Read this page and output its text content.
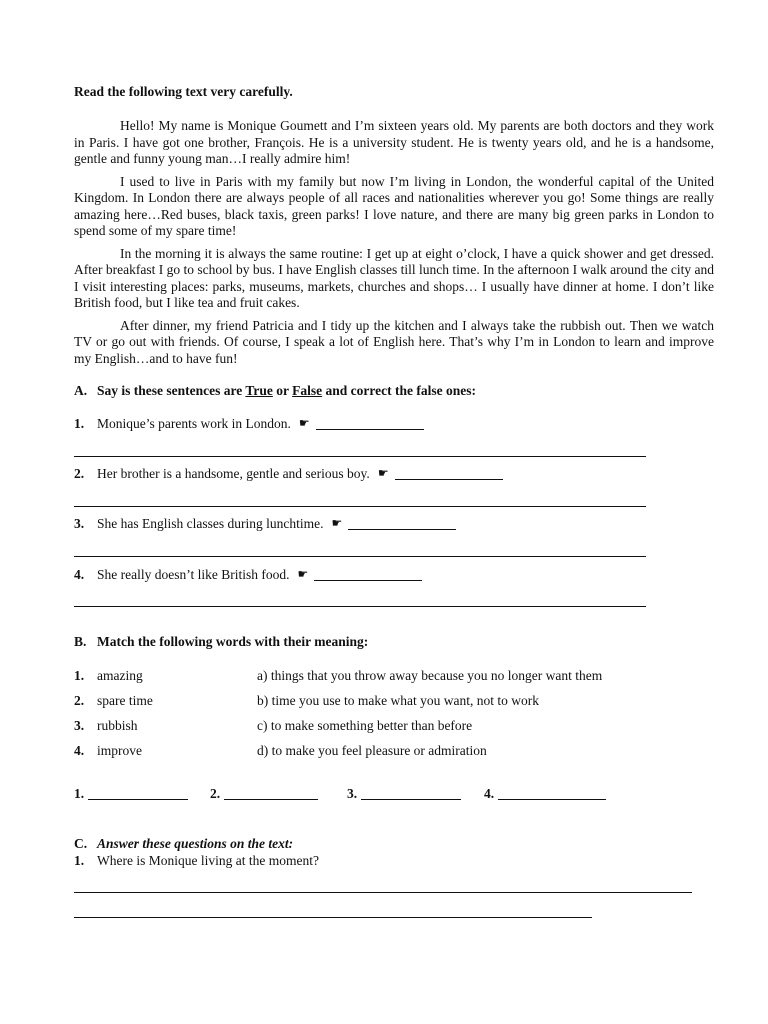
Read the following text very carefully.

Hello! My name is Monique Goumett and I’m sixteen years old. My parents are both doctors and they work in Paris. I have got one brother, François. He is a university student. He is twenty years old, and he is a handsome, gentle and funny young man…I really admire him!

I used to live in Paris with my family but now I’m living in London, the wonderful capital of the United Kingdom. In London there are always people of all races and nationalities wherever you go! Some things are really amazing here…Red buses, black taxis, green parks! I love nature, and there are many big green parks in London to spend some of my spare time!

In the morning it is always the same routine: I get up at eight o’clock, I have a quick shower and get dressed. After breakfast I go to school by bus. I have English classes till lunch time. In the afternoon I walk around the city and I visit interesting places: parks, museums, markets, churches and shops… I usually have dinner at home. I don’t like British food, but I like tea and fruit cakes.

After dinner, my friend Patricia and I tidy up the kitchen and I always take the rubbish out. Then we watch TV or go out with friends. Of course, I speak a lot of English here. That’s why I’m in London to learn and improve my English…and to have fun!

A. Say is these sentences are True or False and correct the false ones:
1. Monique’s parents work in London. ☛
2. Her brother is a handsome, gentle and serious boy. ☛
3. She has English classes during lunchtime. ☛
4. She really doesn’t like British food. ☛
B. Match the following words with their meaning:
1. amazing	a) things that you throw away because you no longer want them
2. spare time	b) time you use to make what you want, not to work
3. rubbish	c) to make something better than before
4. improve	d) to make you feel pleasure or admiration
1.	2.	3.	4.
C. Answer these questions on the text:
1. Where is Monique living at the moment?
